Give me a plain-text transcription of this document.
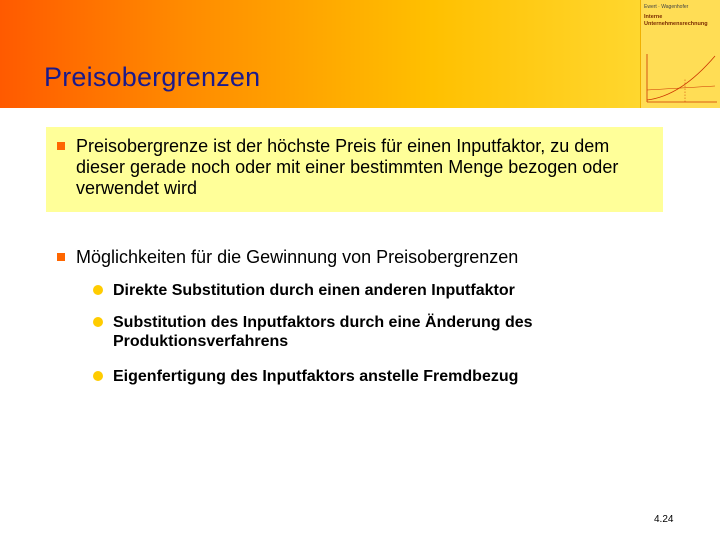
Preisobergrenzen
Ewert · Wagenhofer
Interne
Unternehmensrechnung

Preisobergrenze ist der höchste Preis für einen Inputfaktor, zu dem dieser gerade noch oder mit einer bestimmten Menge bezogen oder verwendet wird

Möglichkeiten für die Gewinnung von Preisobergrenzen

Direkte Substitution durch einen anderen Inputfaktor

Substitution des Inputfaktors durch eine Änderung des Produktionsverfahrens

Eigenfertigung des Inputfaktors anstelle Fremdbezug

4.24
